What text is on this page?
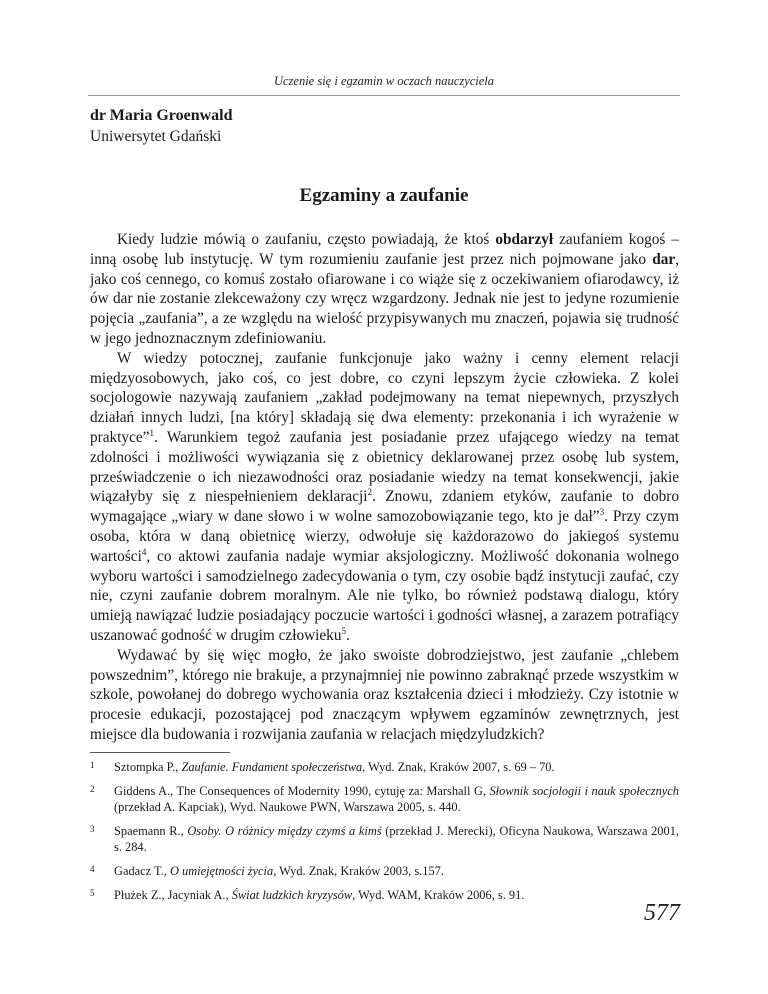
Uczenie się i egzamin w oczach nauczyciela
dr Maria Groenwald
Uniwersytet Gdański
Egzaminy a zaufanie

Kiedy ludzie mówią o zaufaniu, często powiadają, że ktoś obdarzył zaufaniem kogoś – inną osobę lub instytucję. W tym rozumieniu zaufanie jest przez nich pojmowane jako dar, jako coś cennego, co komuś zostało ofiarowane i co wiąże się z oczekiwaniem ofiarodawcy, iż ów dar nie zostanie zlekceważony czy wręcz wzgardzony. Jednak nie jest to jedyne rozumienie pojęcia „zaufania”, a ze względu na wielość przypisywanych mu znaczeń, pojawia się trudność w jego jednoznacznym zdefiniowaniu.

W wiedzy potocznej, zaufanie funkcjonuje jako ważny i cenny element relacji międzyosobowych, jako coś, co jest dobre, co czyni lepszym życie człowieka. Z kolei socjologowie nazywają zaufaniem „zakład podejmowany na temat niepewnych, przyszłych działań innych ludzi, [na który] składają się dwa elementy: przekonania i ich wyrażenie w praktyce”$^1$. Warunkiem tegoż zaufania jest posiadanie przez ufającego wiedzy na temat zdolności i możliwości wywiązania się z obietnicy deklarowanej przez osobę lub system, przeświadczenie o ich niezawodności oraz posiadanie wiedzy na temat konsekwencji, jakie wiązałyby się z niespełnieniem deklaracji$^2$. Znowu, zdaniem etyków, zaufanie to dobro wymagające „wiary w dane słowo i w wolne samozobowiązanie tego, kto je dał”$^3$. Przy czym osoba, która w daną obietnicę wierzy, odwołuje się każdorazowo do jakiegoś systemu wartości$^4$, co aktowi zaufania nadaje wymiar aksjologiczny. Możliwość dokonania wolnego wyboru wartości i samodzielnego zadecydowania o tym, czy osobie bądź instytucji zaufać, czy nie, czyni zaufanie dobrem moralnym. Ale nie tylko, bo również podstawą dialogu, który umieją nawiązać ludzie posiadający poczucie wartości i godności własnej, a zarazem potrafiący uszanować godność w drugim człowieku$^5$.

Wydawać by się więc mogło, że jako swoiste dobrodziejstwo, jest zaufanie „chlebem powszednim”, którego nie brakuje, a przynajmniej nie powinno zabraknąć przede wszystkim w szkole, powołanej do dobrego wychowania oraz kształcenia dzieci i młodzieży. Czy istotnie w procesie edukacji, pozostającej pod znaczącym wpływem egzaminów zewnętrznych, jest miejsce dla budowania i rozwijania zaufania w relacjach międzyludzkich?

1 Sztompka P., Zaufanie. Fundament społeczeństwa, Wyd. Znak, Kraków 2007, s. 69 – 70.
2 Giddens A., The Consequences of Modernity 1990, cytuję za: Marshall G, Słownik socjologii i nauk społecznych (przekład A. Kapciak), Wyd. Naukowe PWN, Warszawa 2005, s. 440.
3 Spaemann R., Osoby. O różnicy między czymś a kimś (przekład J. Merecki), Oficyna Naukowa, Warszawa 2001, s. 284.
4 Gadacz T., O umiejętności życia, Wyd. Znak, Kraków 2003, s.157.
5 Płużek Z., Jacyniak A., Świat ludzkich kryzysów, Wyd. WAM, Kraków 2006, s. 91.
577
